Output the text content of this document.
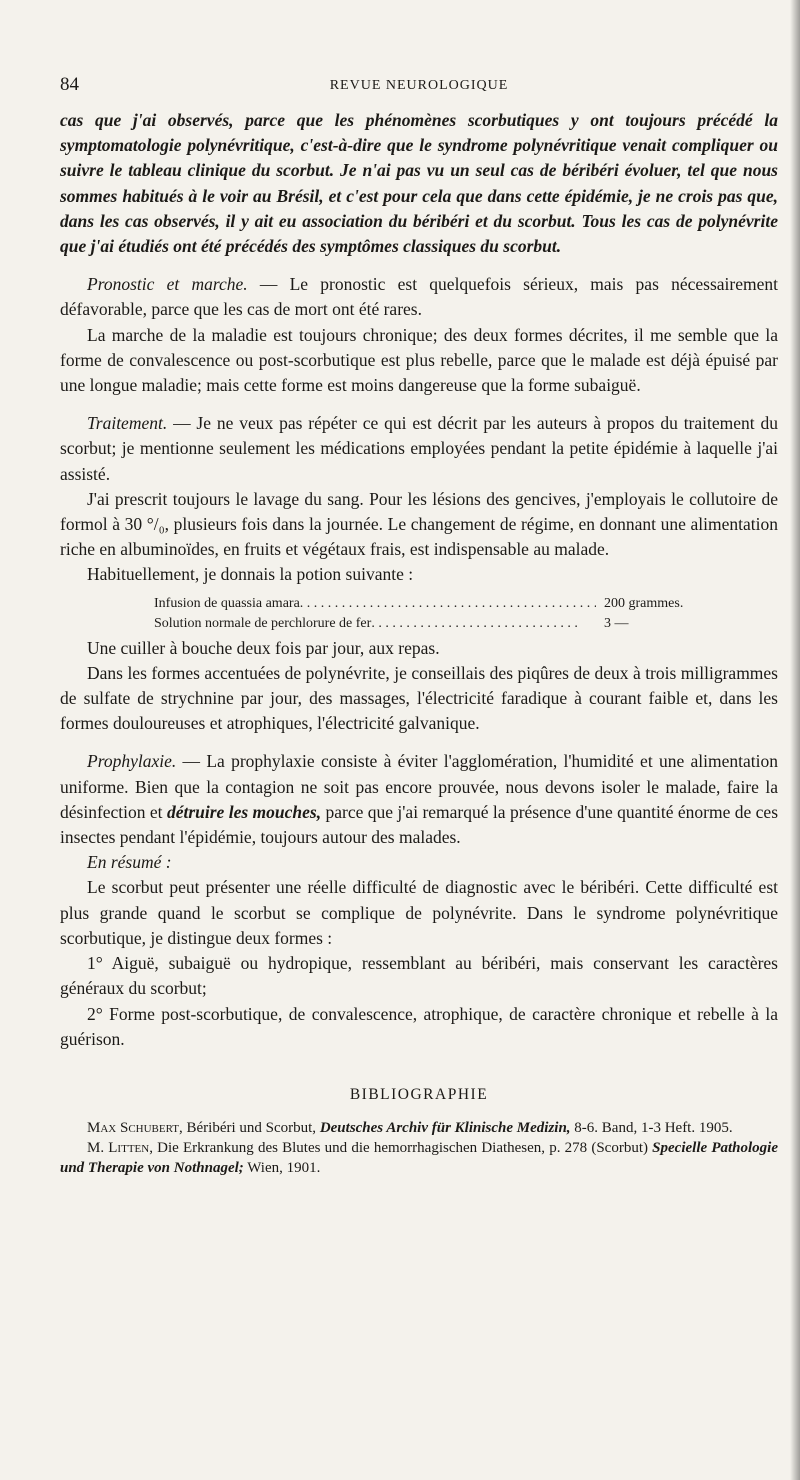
84	REVUE NEUROLOGIQUE

cas que j'ai observés, parce que les phénomènes scorbutiques y ont toujours précédé la symptomatologie polynévritique, c'est-à-dire que le syndrome polynévritique venait compliquer ou suivre le tableau clinique du scorbut. Je n'ai pas vu un seul cas de béribéri évoluer, tel que nous sommes habitués à le voir au Brésil, et c'est pour cela que dans cette épidémie, je ne crois pas que, dans les cas observés, il y ait eu association du béribéri et du scorbut. Tous les cas de polynévrite que j'ai étudiés ont été précédés des symptômes classiques du scorbut.

Pronostic et marche. — Le pronostic est quelquefois sérieux, mais pas nécessairement défavorable, parce que les cas de mort ont été rares.

La marche de la maladie est toujours chronique; des deux formes décrites, il me semble que la forme de convalescence ou post-scorbutique est plus rebelle, parce que le malade est déjà épuisé par une longue maladie; mais cette forme est moins dangereuse que la forme subaiguë.

Traitement. — Je ne veux pas répéter ce qui est décrit par les auteurs à propos du traitement du scorbut; je mentionne seulement les médications employées pendant la petite épidémie à laquelle j'ai assisté.

J'ai prescrit toujours le lavage du sang. Pour les lésions des gencives, j'employais le collutoire de formol à 30 °/₀, plusieurs fois dans la journée. Le changement de régime, en donnant une alimentation riche en albuminoïdes, en fruits et végétaux frais, est indispensable au malade.

Habituellement, je donnais la potion suivante :

Infusion de quassia amara . . .	200 grammes.
Solution normale de perchlorure de fer . . .	3 —

Une cuiller à bouche deux fois par jour, aux repas.

Dans les formes accentuées de polynévrite, je conseillais des piqûres de deux à trois milligrammes de sulfate de strychnine par jour, des massages, l'électricité faradique à courant faible et, dans les formes douloureuses et atrophiques, l'électricité galvanique.

Prophylaxie. — La prophylaxie consiste à éviter l'agglomération, l'humidité et une alimentation uniforme. Bien que la contagion ne soit pas encore prouvée, nous devons isoler le malade, faire la désinfection et détruire les mouches, parce que j'ai remarqué la présence d'une quantité énorme de ces insectes pendant l'épidémie, toujours autour des malades.

En résumé :

Le scorbut peut présenter une réelle difficulté de diagnostic avec le béribéri. Cette difficulté est plus grande quand le scorbut se complique de polynévrite. Dans le syndrome polynévritique scorbutique, je distingue deux formes :

1° Aiguë, subaiguë ou hydropique, ressemblant au béribéri, mais conservant les caractères généraux du scorbut;

2° Forme post-scorbutique, de convalescence, atrophique, de caractère chronique et rebelle à la guérison.

BIBLIOGRAPHIE

Max Schubert, Béribéri und Scorbut, Deutsches Archiv für Klinische Medizin, 8-6. Band, 1-3 Heft. 1905.

M. Litten, Die Erkrankung des Blutes und die hemorrhagischen Diathesen, p. 278 (Scorbut) Specielle Pathologie und Therapie von Nothnagel; Wien, 1901.
